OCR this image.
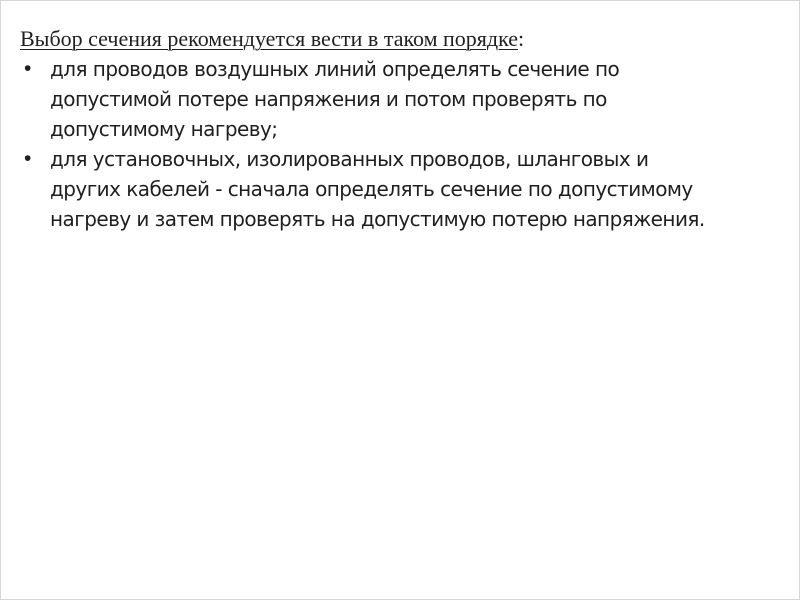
Выбор сечения рекомендуется вести в таком порядке:

• для проводов воздушных линий определять сечение по
допустимой потере напряжения и потом проверять по
допустимому нагреву;
• для установочных, изолированных проводов, шланговых и
других кабелей - сначала определять сечение по допустимому
нагреву и затем проверять на допустимую потерю напряжения.
